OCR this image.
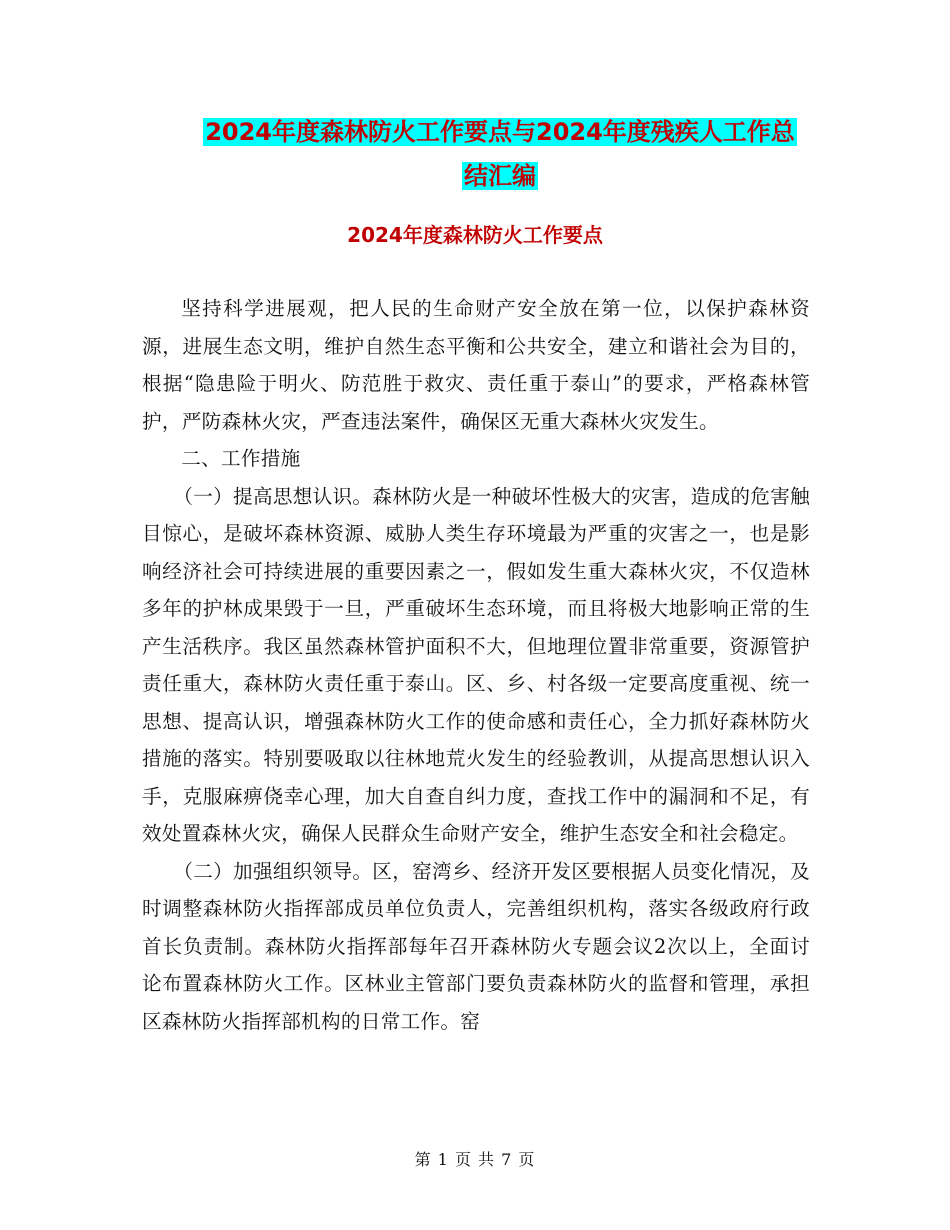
2024年度森林防火工作要点与2024年度残疾人工作总
结汇编
2024年度森林防火工作要点

坚持科学进展观，把人民的生命财产安全放在第一位，以保护森林资源，进展生态文明，维护自然生态平衡和公共安全，建立和谐社会为目的，根据“隐患险于明火、防范胜于救灾、责任重于泰山”的要求，严格森林管护，严防森林火灾，严查违法案件，确保区无重大森林火灾发生。

二、工作措施

（一）提高思想认识。森林防火是一种破坏性极大的灾害，造成的危害触目惊心，是破坏森林资源、威胁人类生存环境最为严重的灾害之一，也是影响经济社会可持续进展的重要因素之一，假如发生重大森林火灾，不仅造林多年的护林成果毁于一旦，严重破坏生态环境，而且将极大地影响正常的生产生活秩序。我区虽然森林管护面积不大，但地理位置非常重要，资源管护责任重大，森林防火责任重于泰山。区、乡、村各级一定要高度重视、统一思想、提高认识，增强森林防火工作的使命感和责任心，全力抓好森林防火措施的落实。特别要吸取以往林地荒火发生的经验教训，从提高思想认识入手，克服麻痹侥幸心理，加大自查自纠力度，查找工作中的漏洞和不足，有效处置森林火灾，确保人民群众生命财产安全，维护生态安全和社会稳定。

（二）加强组织领导。区，窑湾乡、经济开发区要根据人员变化情况，及时调整森林防火指挥部成员单位负责人，完善组织机构，落实各级政府行政首长负责制。森林防火指挥部每年召开森林防火专题会议2次以上，全面讨论布置森林防火工作。区林业主管部门要负责森林防火的监督和管理，承担区森林防火指挥部机构的日常工作。窑

第 1 页 共 7 页
